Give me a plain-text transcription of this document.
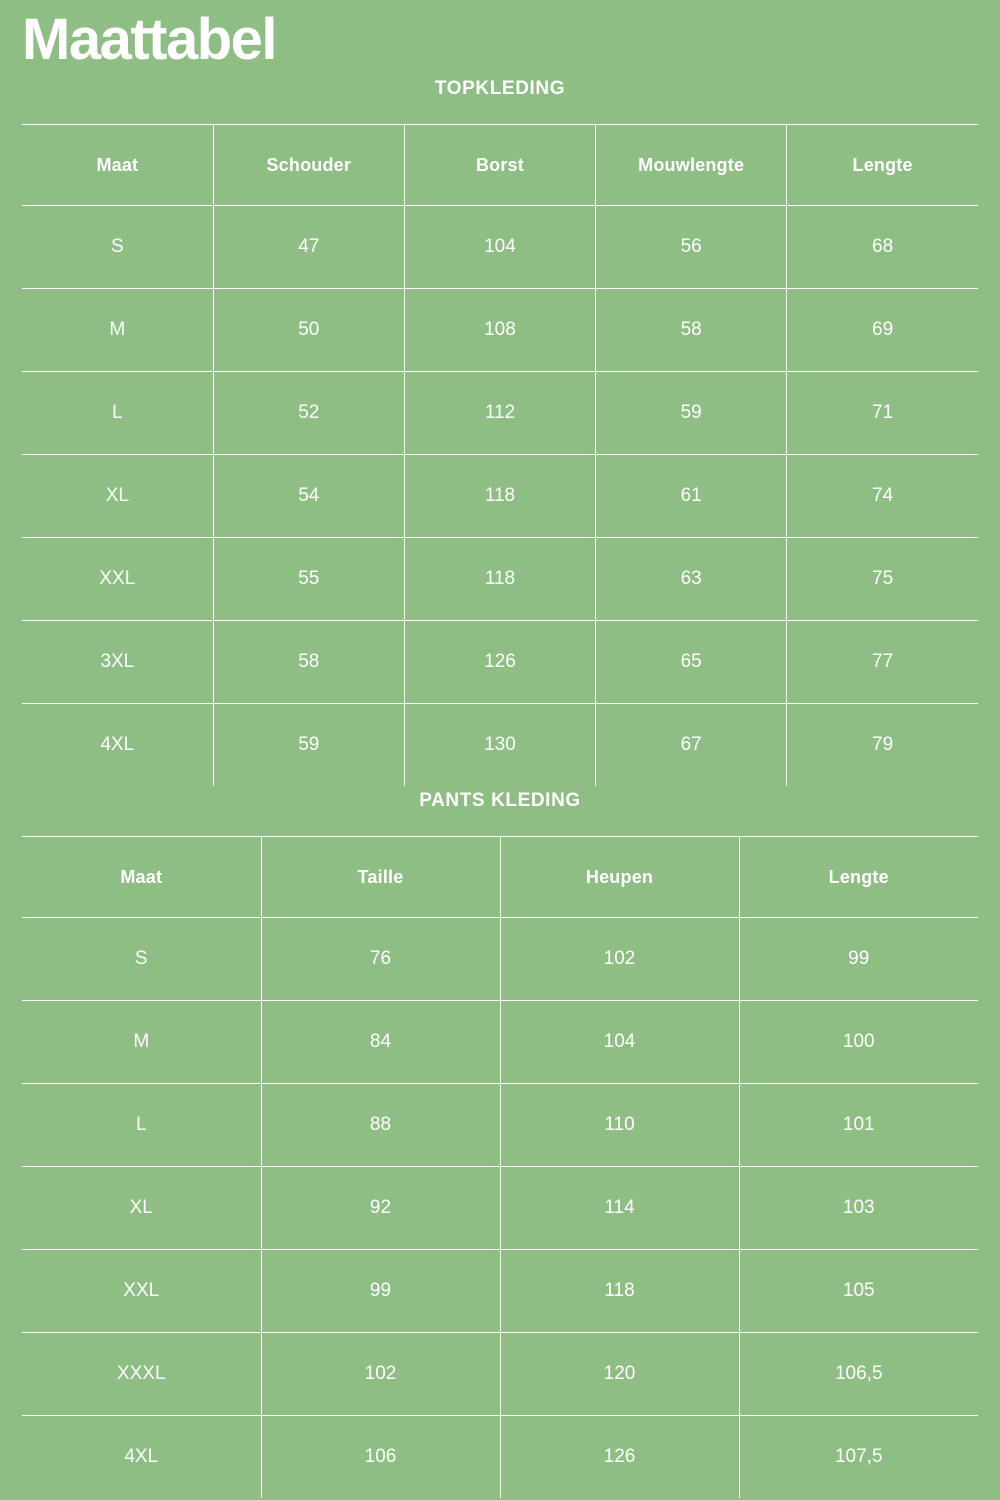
Maattabel
TOPKLEDING
Maat	Schouder	Borst	Mouwlengte	Lengte
S	47	104	56	68
M	50	108	58	69
L	52	112	59	71
XL	54	118	61	74
XXL	55	118	63	75
3XL	58	126	65	77
4XL	59	130	67	79
PANTS KLEDING
Maat	Taille	Heupen	Lengte
S	76	102	99
M	84	104	100
L	88	110	101
XL	92	114	103
XXL	99	118	105
XXXL	102	120	106,5
4XL	106	126	107,5
